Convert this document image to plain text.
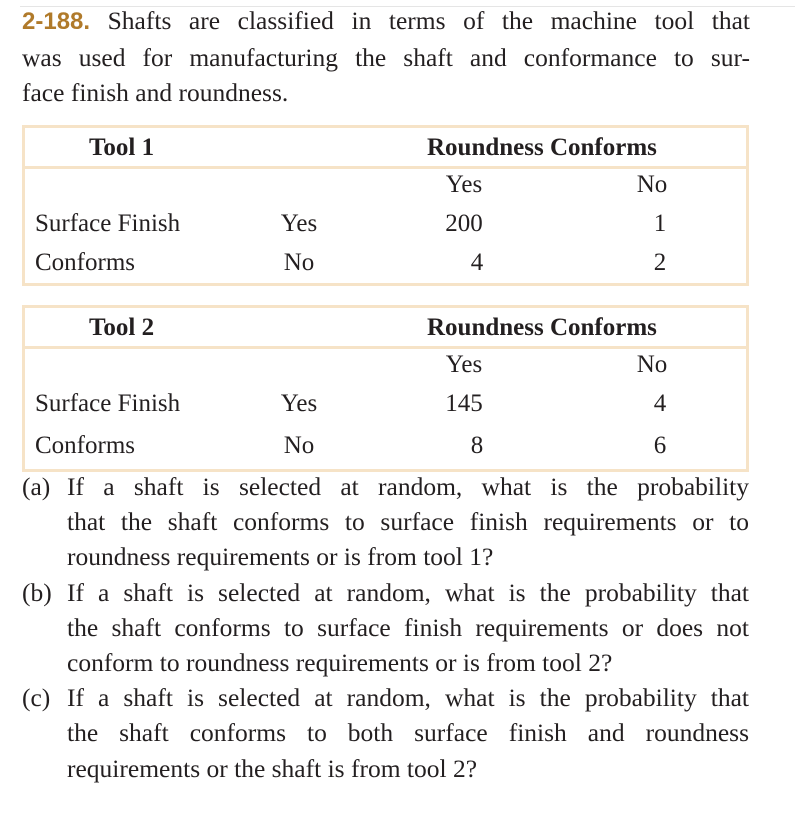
2-188. Shafts are classified in terms of the machine tool that
was used for manufacturing the shaft and conformance to sur-
face finish and roundness.
Tool 1	Roundness Conforms
Yes	No
Surface Finish	Yes	200	1
Conforms	No	4	2
Tool 2	Roundness Conforms
Yes	No
Surface Finish	Yes	145	4
Conforms	No	8	6
(a) If a shaft is selected at random, what is the probability
that the shaft conforms to surface finish requirements or to
roundness requirements or is from tool 1?
(b) If a shaft is selected at random, what is the probability that
the shaft conforms to surface finish requirements or does not
conform to roundness requirements or is from tool 2?
(c) If a shaft is selected at random, what is the probability that
the shaft conforms to both surface finish and roundness
requirements or the shaft is from tool 2?
